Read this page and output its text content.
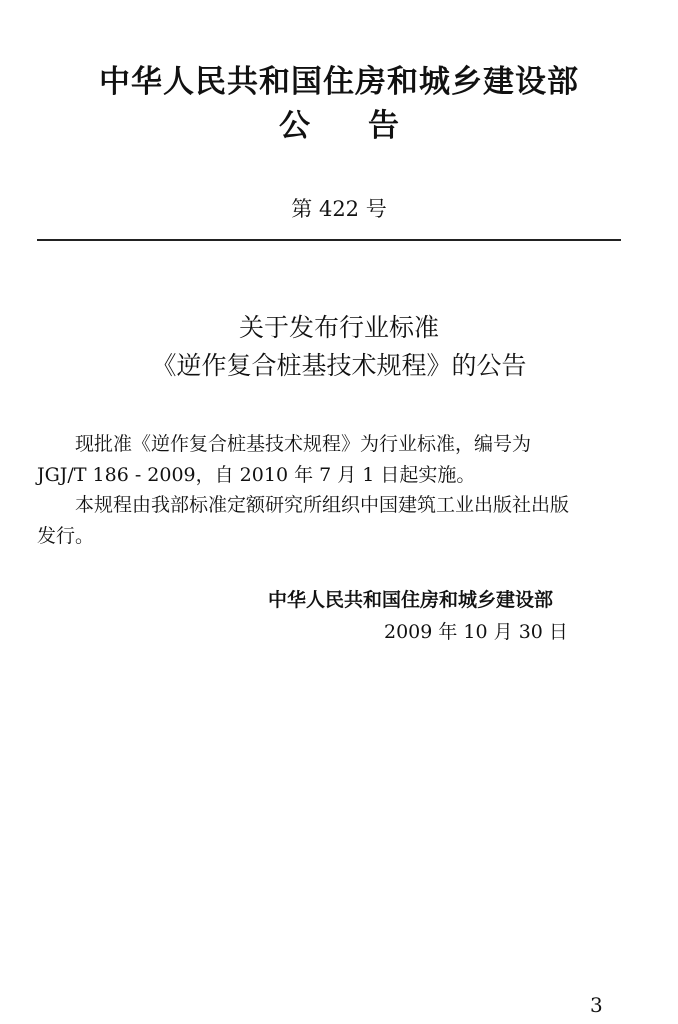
中华人民共和国住房和城乡建设部
公告
第 422 号
关于发布行业标准
《逆作复合桩基技术规程》的公告
现批准《逆作复合桩基技术规程》为行业标准，编号为
JGJ/T 186 - 2009，自 2010 年 7 月 1 日起实施。
本规程由我部标准定额研究所组织中国建筑工业出版社出版
发行。
中华人民共和国住房和城乡建设部
2009 年 10 月 30 日
3
